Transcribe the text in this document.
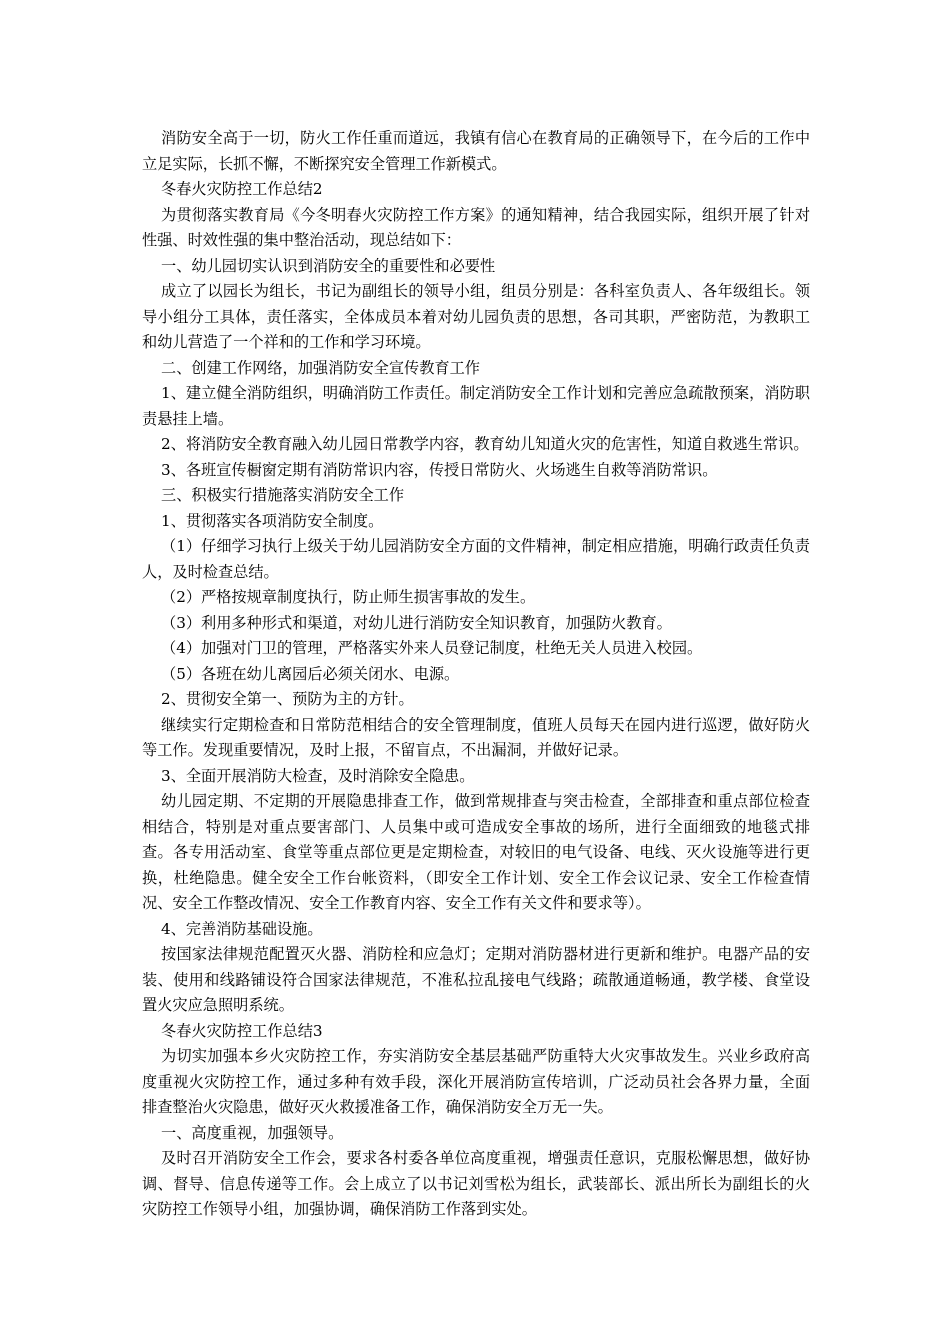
消防安全高于一切，防火工作任重而道远，我镇有信心在教育局的正确领导下，在今后的工作中立足实际，长抓不懈，不断探究安全管理工作新模式。

冬春火灾防控工作总结2

为贯彻落实教育局《今冬明春火灾防控工作方案》的通知精神，结合我园实际，组织开展了针对性强、时效性强的集中整治活动，现总结如下：

一、幼儿园切实认识到消防安全的重要性和必要性

成立了以园长为组长，书记为副组长的领导小组，组员分别是：各科室负责人、各年级组长。领导小组分工具体，责任落实，全体成员本着对幼儿园负责的思想，各司其职，严密防范，为教职工和幼儿营造了一个祥和的工作和学习环境。

二、创建工作网络，加强消防安全宣传教育工作

1、建立健全消防组织，明确消防工作责任。制定消防安全工作计划和完善应急疏散预案，消防职责悬挂上墙。

2、将消防安全教育融入幼儿园日常教学内容，教育幼儿知道火灾的危害性，知道自救逃生常识。

3、各班宣传橱窗定期有消防常识内容，传授日常防火、火场逃生自救等消防常识。

三、积极实行措施落实消防安全工作

1、贯彻落实各项消防安全制度。

（1）仔细学习执行上级关于幼儿园消防安全方面的文件精神，制定相应措施，明确行政责任负责人，及时检查总结。

（2）严格按规章制度执行，防止师生损害事故的发生。

（3）利用多种形式和渠道，对幼儿进行消防安全知识教育，加强防火教育。

（4）加强对门卫的管理，严格落实外来人员登记制度，杜绝无关人员进入校园。

（5）各班在幼儿离园后必须关闭水、电源。

2、贯彻安全第一、预防为主的方针。

继续实行定期检查和日常防范相结合的安全管理制度，值班人员每天在园内进行巡逻，做好防火等工作。发现重要情况，及时上报，不留盲点，不出漏洞，并做好记录。

3、全面开展消防大检查，及时消除安全隐患。

幼儿园定期、不定期的开展隐患排查工作，做到常规排查与突击检查，全部排查和重点部位检查相结合，特别是对重点要害部门、人员集中或可造成安全事故的场所，进行全面细致的地毯式排查。各专用活动室、食堂等重点部位更是定期检查，对较旧的电气设备、电线、灭火设施等进行更换，杜绝隐患。健全安全工作台帐资料，（即安全工作计划、安全工作会议记录、安全工作检查情况、安全工作整改情况、安全工作教育内容、安全工作有关文件和要求等）。

4、完善消防基础设施。

按国家法律规范配置灭火器、消防栓和应急灯；定期对消防器材进行更新和维护。电器产品的安装、使用和线路铺设符合国家法律规范，不准私拉乱接电气线路；疏散通道畅通，教学楼、食堂设置火灾应急照明系统。

冬春火灾防控工作总结3

为切实加强本乡火灾防控工作，夯实消防安全基层基础严防重特大火灾事故发生。兴业乡政府高度重视火灾防控工作，通过多种有效手段，深化开展消防宣传培训，广泛动员社会各界力量，全面排查整治火灾隐患，做好灭火救援准备工作，确保消防安全万无一失。

一、高度重视，加强领导。

及时召开消防安全工作会，要求各村委各单位高度重视，增强责任意识，克服松懈思想，做好协调、督导、信息传递等工作。会上成立了以书记刘雪松为组长，武装部长、派出所长为副组长的火灾防控工作领导小组，加强协调，确保消防工作落到实处。
